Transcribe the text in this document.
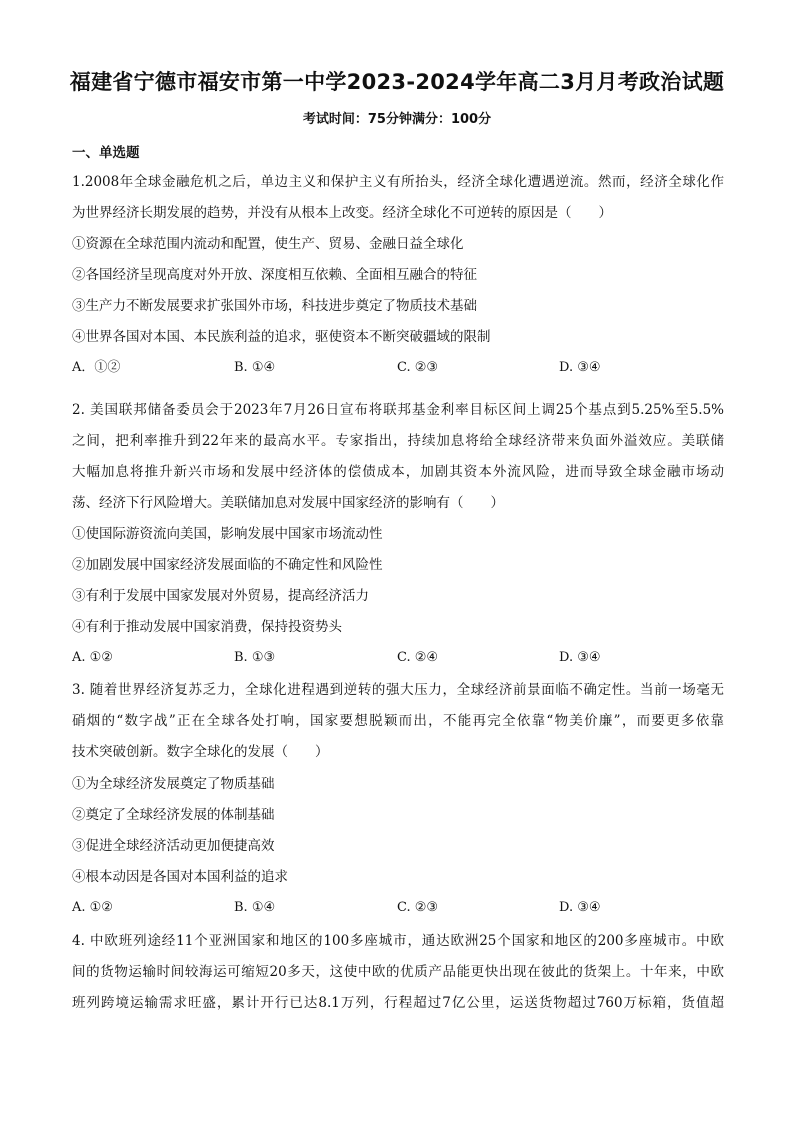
福建省宁德市福安市第一中学2023-2024学年高二3月月考政治试题
考试时间：75分钟满分：100分
一、单选题
1.2008年全球金融危机之后，单边主义和保护主义有所抬头，经济全球化遭遇逆流。然而，经济全球化作
为世界经济长期发展的趋势，并没有从根本上改变。经济全球化不可逆转的原因是（　　）
①资源在全球范围内流动和配置，使生产、贸易、金融日益全球化
②各国经济呈现高度对外开放、深度相互依赖、全面相互融合的特征
③生产力不断发展要求扩张国外市场，科技进步奠定了物质技术基础
④世界各国对本国、本民族利益的追求，驱使资本不断突破疆域的限制
A．①②	B. ①④	C. ②③	D. ③④
2. 美国联邦储备委员会于2023年7月26日宣布将联邦基金利率目标区间上调25个基点到5.25%至5.5%
之间，把利率推升到22年来的最高水平。专家指出，持续加息将给全球经济带来负面外溢效应。美联储
大幅加息将推升新兴市场和发展中经济体的偿债成本，加剧其资本外流风险，进而导致全球金融市场动
荡、经济下行风险增大。美联储加息对发展中国家经济的影响有（　　）
①使国际游资流向美国，影响发展中国家市场流动性
②加剧发展中国家经济发展面临的不确定性和风险性
③有利于发展中国家发展对外贸易，提高经济活力
④有利于推动发展中国家消费，保持投资势头
A. ①②	B. ①③	C. ②④	D. ③④
3. 随着世界经济复苏乏力，全球化进程遇到逆转的强大压力，全球经济前景面临不确定性。当前一场毫无
硝烟的“数字战”正在全球各处打响，国家要想脱颖而出，不能再完全依靠“物美价廉”，而要更多依靠
技术突破创新。数字全球化的发展（　　）
①为全球经济发展奠定了物质基础
②奠定了全球经济发展的体制基础
③促进全球经济活动更加便捷高效
④根本动因是各国对本国利益的追求
A. ①②	B. ①④	C. ②③	D. ③④
4. 中欧班列途经11个亚洲国家和地区的100多座城市，通达欧洲25个国家和地区的200多座城市。中欧
间的货物运输时间较海运可缩短20多天，这使中欧的优质产品能更快出现在彼此的货架上。十年来，中欧
班列跨境运输需求旺盛，累计开行已达8.1万列，行程超过7亿公里，运送货物超过760万标箱，货值超
